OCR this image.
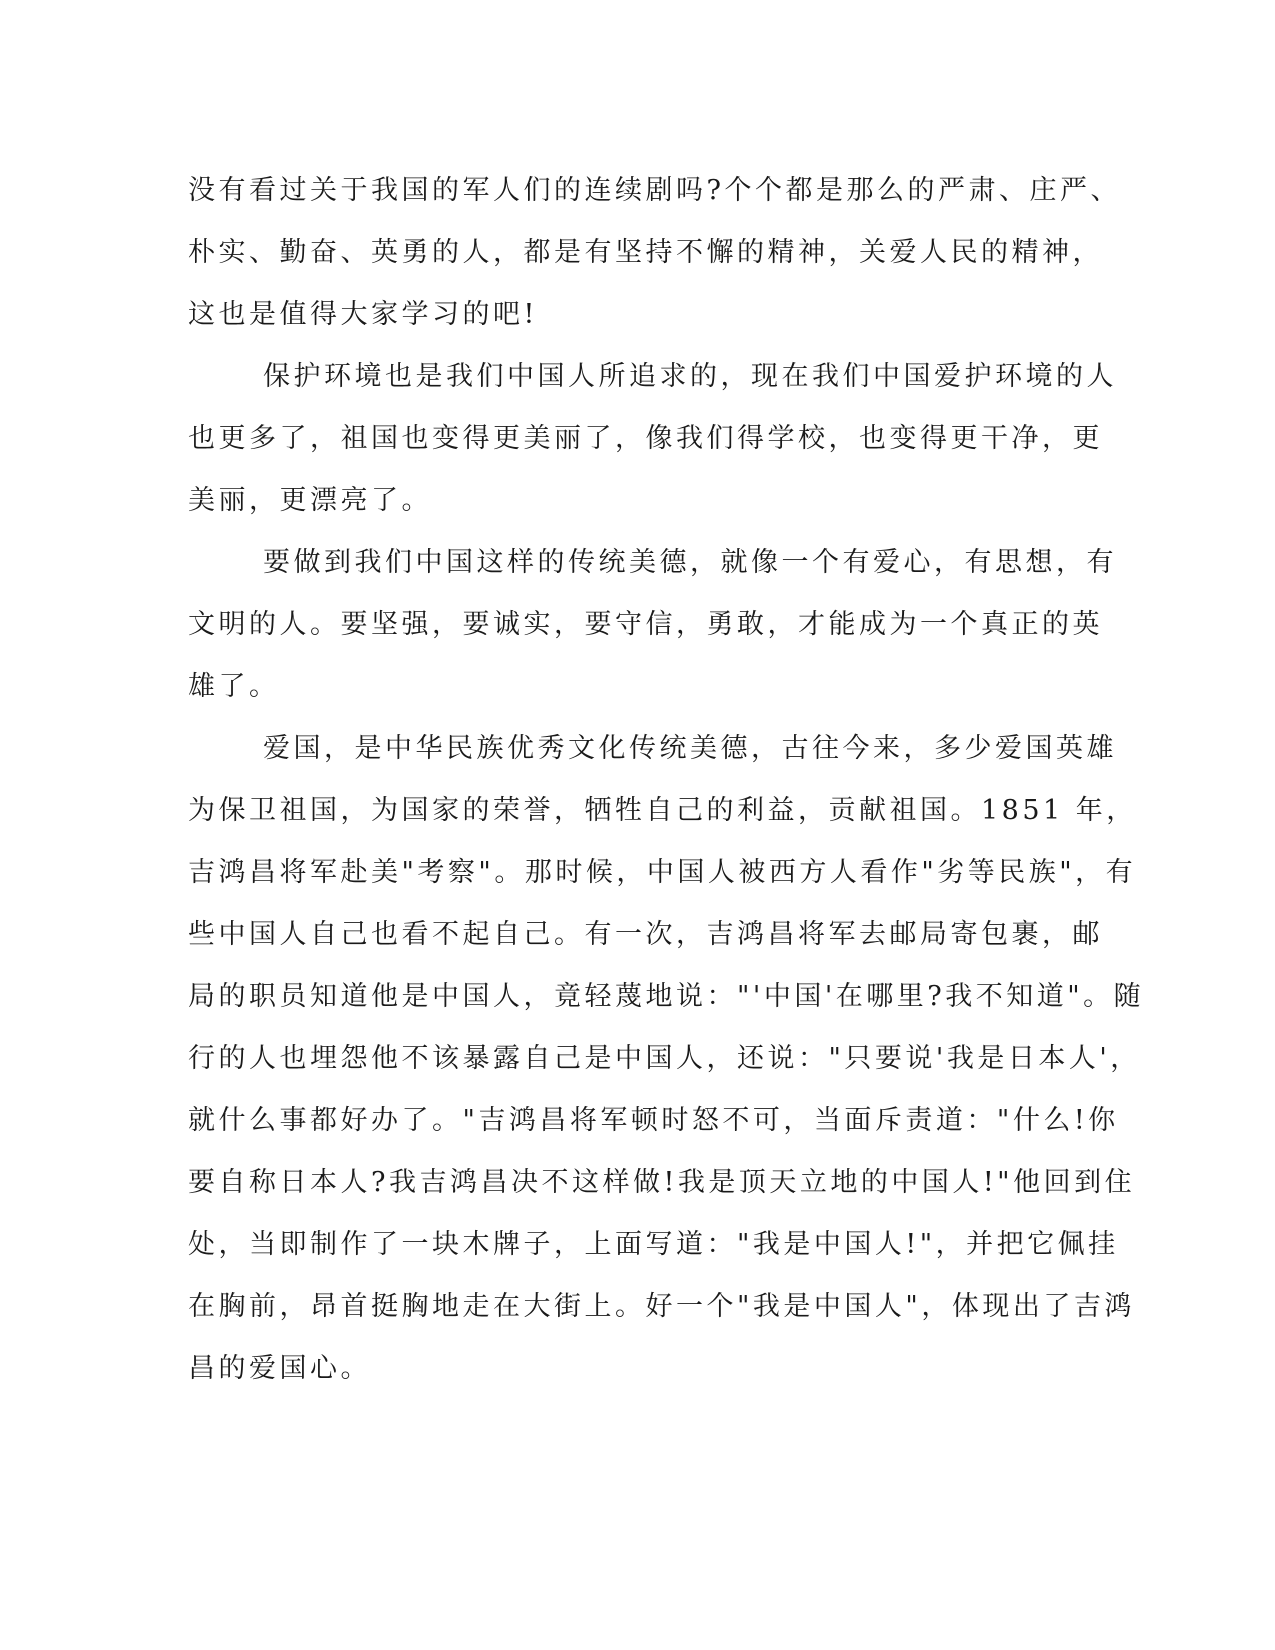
没有看过关于我国的军人们的连续剧吗?个个都是那么的严肃、庄严、
朴实、勤奋、英勇的人，都是有坚持不懈的精神，关爱人民的精神，
这也是值得大家学习的吧!
保护环境也是我们中国人所追求的，现在我们中国爱护环境的人
也更多了，祖国也变得更美丽了，像我们得学校，也变得更干净，更
美丽，更漂亮了。
要做到我们中国这样的传统美德，就像一个有爱心，有思想，有
文明的人。要坚强，要诚实，要守信，勇敢，才能成为一个真正的英
雄了。
爱国，是中华民族优秀文化传统美德，古往今来，多少爱国英雄
为保卫祖国，为国家的荣誉，牺牲自己的利益，贡献祖国。1851 年，
吉鸿昌将军赴美"考察"。那时候，中国人被西方人看作"劣等民族"，有
些中国人自己也看不起自己。有一次，吉鸿昌将军去邮局寄包裹，邮
局的职员知道他是中国人，竟轻蔑地说："'中国'在哪里?我不知道"。随
行的人也埋怨他不该暴露自己是中国人，还说："只要说'我是日本人'，
就什么事都好办了。"吉鸿昌将军顿时怒不可，当面斥责道："什么!你
要自称日本人?我吉鸿昌决不这样做!我是顶天立地的中国人!"他回到住
处，当即制作了一块木牌子，上面写道："我是中国人!"，并把它佩挂
在胸前，昂首挺胸地走在大街上。好一个"我是中国人"，体现出了吉鸿
昌的爱国心。
